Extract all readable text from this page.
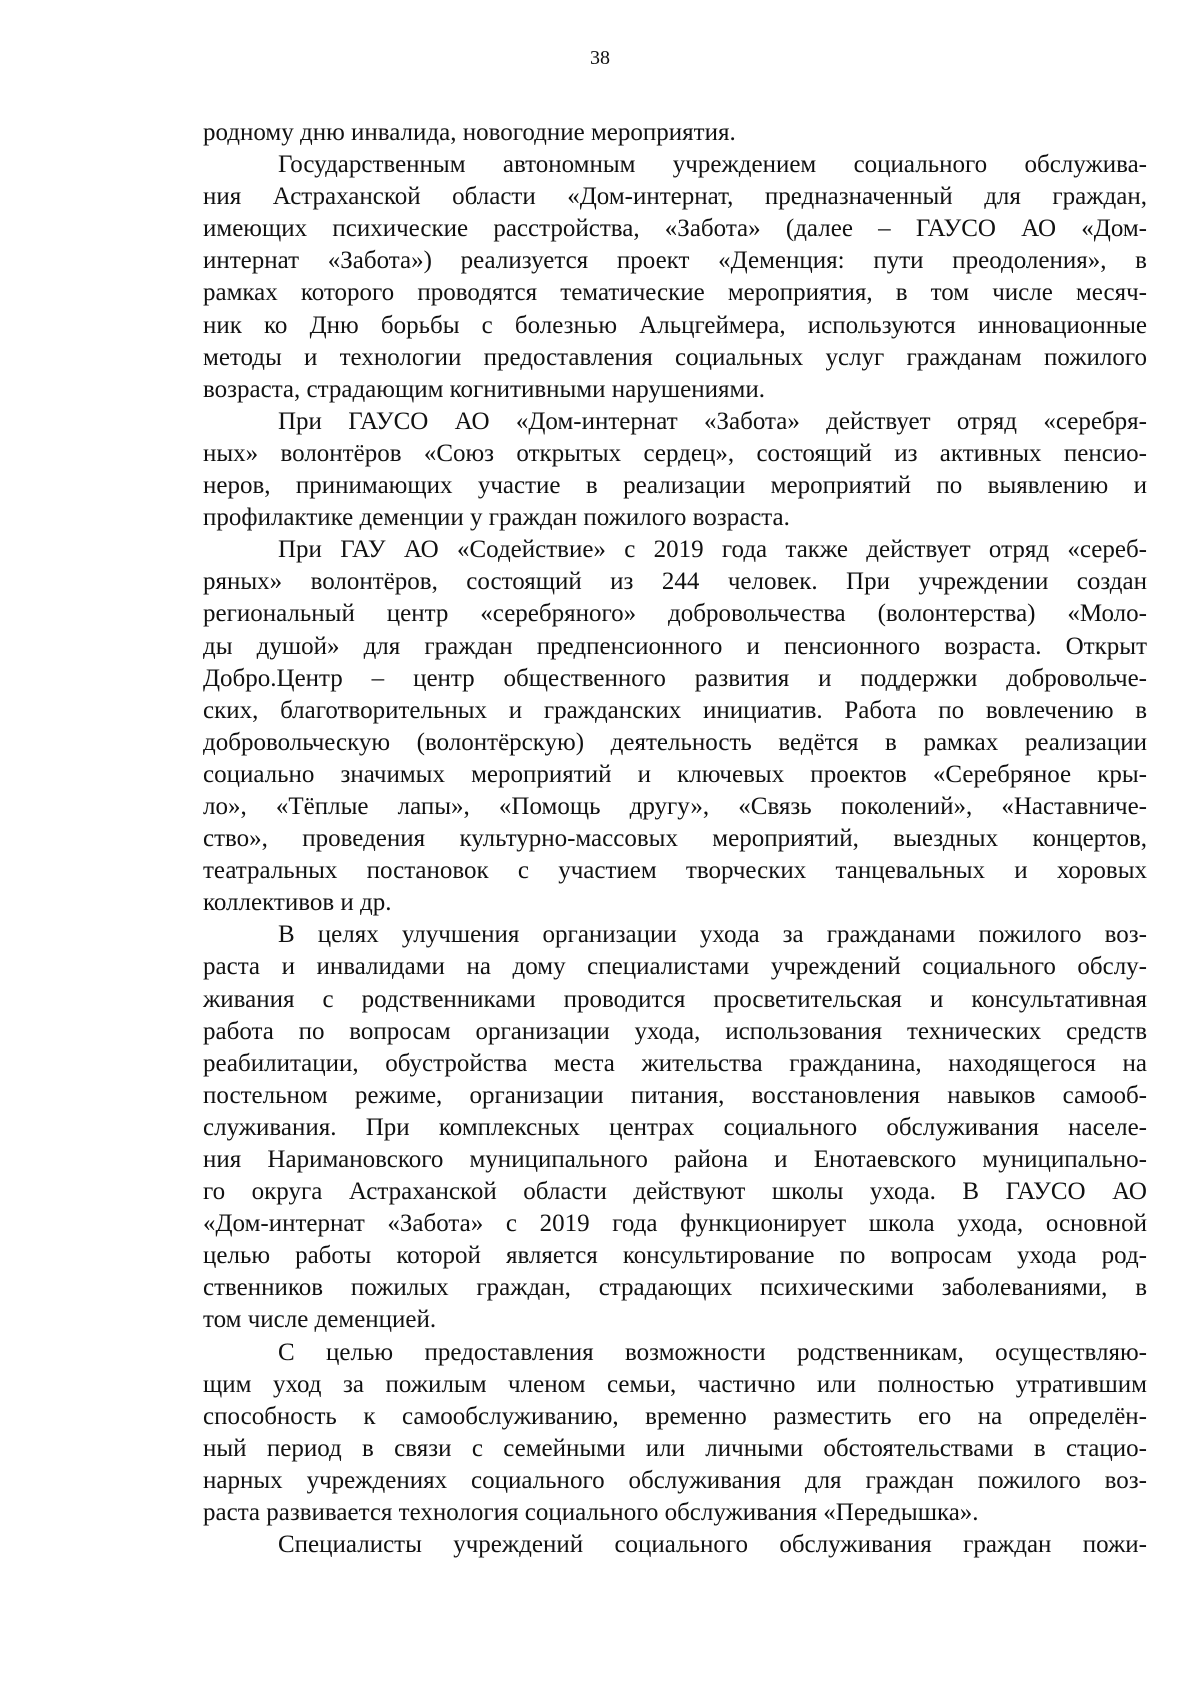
38
родному дню инвалида, новогодние мероприятия.
Государственным автономным учреждением социального обслужива-
ния Астраханской области «Дом-интернат, предназначенный для граждан,
имеющих психические расстройства, «Забота» (далее – ГАУСО АО «Дом-
интернат «Забота») реализуется проект «Деменция: пути преодоления», в
рамках которого проводятся тематические мероприятия, в том числе месяч-
ник ко Дню борьбы с болезнью Альцгеймера, используются инновационные
методы и технологии предоставления социальных услуг гражданам пожилого
возраста, страдающим когнитивными нарушениями.
При ГАУСО АО «Дом-интернат «Забота» действует отряд «серебря-
ных» волонтёров «Союз открытых сердец», состоящий из активных пенсио-
неров, принимающих участие в реализации мероприятий по выявлению и
профилактике деменции у граждан пожилого возраста.
При ГАУ АО «Содействие» с 2019 года также действует отряд «сереб-
ряных» волонтёров, состоящий из 244 человек. При учреждении создан
региональный центр «серебряного» добровольчества (волонтерства) «Моло-
ды душой» для граждан предпенсионного и пенсионного возраста. Открыт
Добро.Центр – центр общественного развития и поддержки добровольче-
ских, благотворительных и гражданских инициатив. Работа по вовлечению в
добровольческую (волонтёрскую) деятельность ведётся в рамках реализации
социально значимых мероприятий и ключевых проектов «Серебряное кры-
ло», «Тёплые лапы», «Помощь другу», «Связь поколений», «Наставниче-
ство», проведения культурно-массовых мероприятий, выездных концертов,
театральных постановок с участием творческих танцевальных и хоровых
коллективов и др.
В целях улучшения организации ухода за гражданами пожилого воз-
раста и инвалидами на дому специалистами учреждений социального обслу-
живания с родственниками проводится просветительская и консультативная
работа по вопросам организации ухода, использования технических средств
реабилитации, обустройства места жительства гражданина, находящегося на
постельном режиме, организации питания, восстановления навыков самооб-
служивания. При комплексных центрах социального обслуживания населе-
ния Наримановского муниципального района и Енотаевского муниципально-
го округа Астраханской области действуют школы ухода. В ГАУСО АО
«Дом-интернат «Забота» с 2019 года функционирует школа ухода, основной
целью работы которой является консультирование по вопросам ухода род-
ственников пожилых граждан, страдающих психическими заболеваниями, в
том числе деменцией.
С целью предоставления возможности родственникам, осуществляю-
щим уход за пожилым членом семьи, частично или полностью утратившим
способность к самообслуживанию, временно разместить его на определён-
ный период в связи с семейными или личными обстоятельствами в стацио-
нарных учреждениях социального обслуживания для граждан пожилого воз-
раста развивается технология социального обслуживания «Передышка».
Специалисты учреждений социального обслуживания граждан пожи-
